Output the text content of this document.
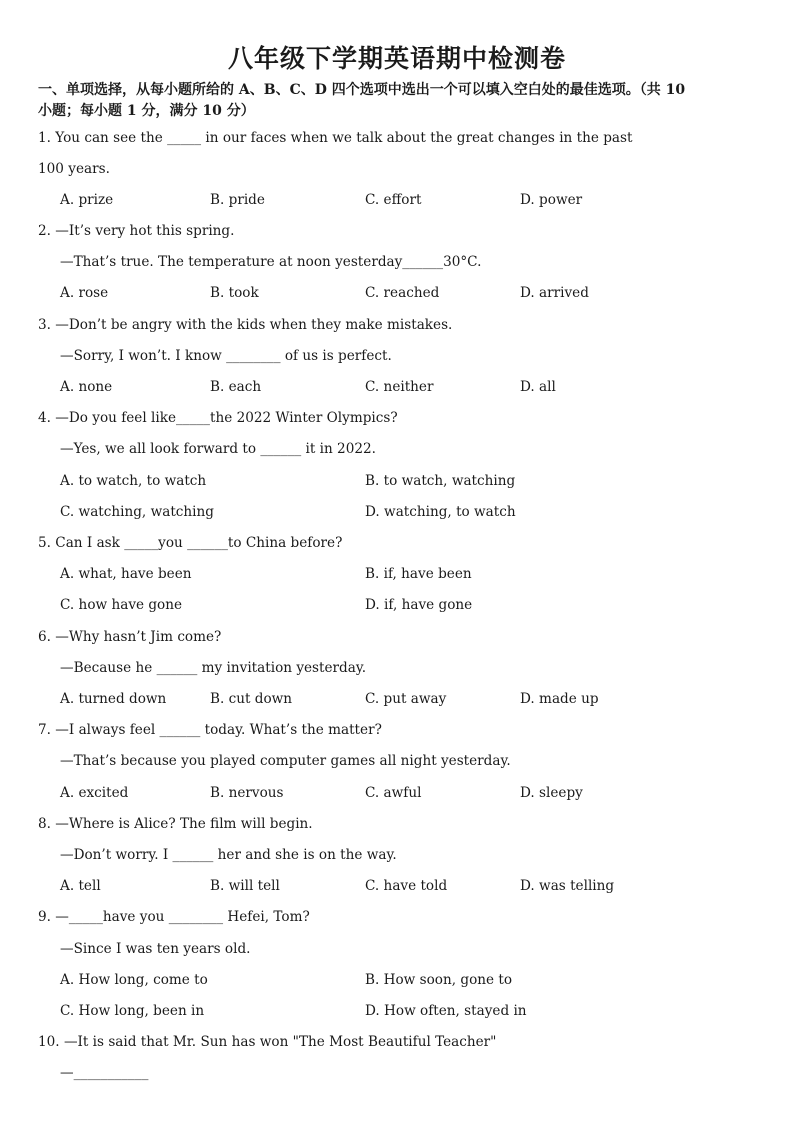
八年级下学期英语期中检测卷
一、单项选择，从每小题所给的 A、B、C、D 四个选项中选出一个可以填入空白处的最佳选项。（共 10
小题；每小题 1 分，满分 10 分）
1. You can see the _____ in our faces when we talk about the great changes in the past
100 years.
A. prize	B. pride	C. effort	D. power
2. —It’s very hot this spring.
—That’s true. The temperature at noon yesterday______30°C.
A. rose	B. took	C. reached	D. arrived
3. —Don’t be angry with the kids when they make mistakes.
—Sorry, I won’t. I know ________ of us is perfect.
A. none	B. each	C. neither	D. all
4. —Do you feel like_____the 2022 Winter Olympics?
—Yes, we all look forward to ______ it in 2022.
A. to watch, to watch	B. to watch, watching
C. watching, watching	D. watching, to watch
5. Can I ask _____you ______to China before?
A. what, have been	B. if, have been
C. how have gone	D. if, have gone
6. —Why hasn’t Jim come?
—Because he ______ my invitation yesterday.
A. turned down	B. cut down	C. put away	D. made up
7. —I always feel ______ today. What’s the matter?
—That’s because you played computer games all night yesterday.
A. excited	B. nervous	C. awful	D. sleepy
8. —Where is Alice? The film will begin.
—Don’t worry. I ______ her and she is on the way.
A. tell	B. will tell	C. have told	D. was telling
9. —_____have you ________ Hefei, Tom?
—Since I was ten years old.
A. How long, come to	B. How soon, gone to
C. How long, been in	D. How often, stayed in
10. —It is said that Mr. Sun has won "The Most Beautiful Teacher"
—___________
